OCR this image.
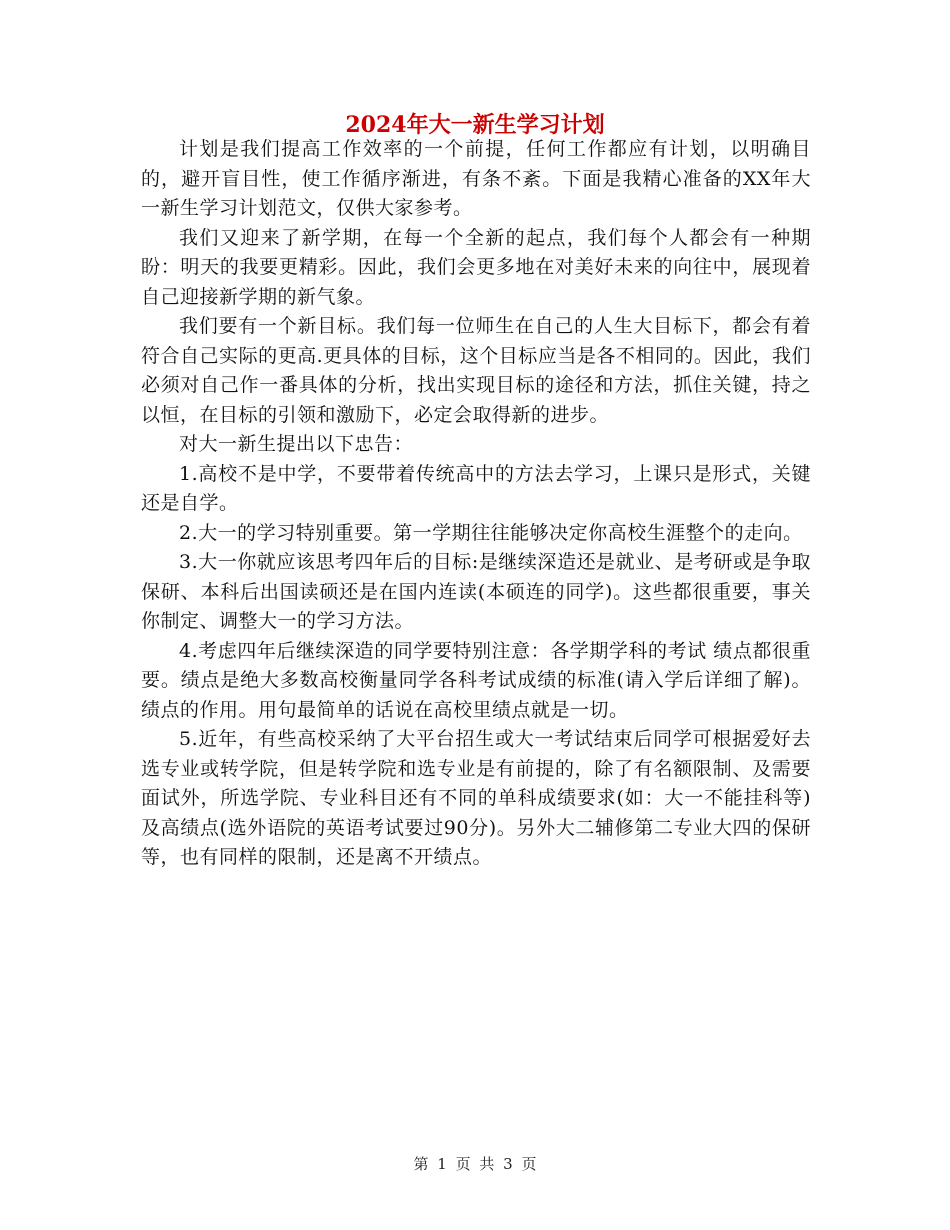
2024年大一新生学习计划

计划是我们提高工作效率的一个前提，任何工作都应有计划，以明确目的，避开盲目性，使工作循序渐进，有条不紊。下面是我精心准备的XX年大一新生学习计划范文，仅供大家参考。

我们又迎来了新学期，在每一个全新的起点，我们每个人都会有一种期盼：明天的我要更精彩。因此，我们会更多地在对美好未来的向往中，展现着自己迎接新学期的新气象。

我们要有一个新目标。我们每一位师生在自己的人生大目标下，都会有着符合自己实际的更高.更具体的目标，这个目标应当是各不相同的。因此，我们必须对自己作一番具体的分析，找出实现目标的途径和方法，抓住关键，持之以恒，在目标的引领和激励下，必定会取得新的进步。

对大一新生提出以下忠告：

1.高校不是中学，不要带着传统高中的方法去学习，上课只是形式，关键还是自学。

2.大一的学习特别重要。第一学期往往能够决定你高校生涯整个的走向。

3.大一你就应该思考四年后的目标:是继续深造还是就业、是考研或是争取保研、本科后出国读硕还是在国内连读(本硕连的同学)。这些都很重要，事关你制定、调整大一的学习方法。

4.考虑四年后继续深造的同学要特别注意：各学期学科的考试 绩点都很重要。绩点是绝大多数高校衡量同学各科考试成绩的标准(请入学后详细了解)。绩点的作用。用句最简单的话说在高校里绩点就是一切。

5.近年，有些高校采纳了大平台招生或大一考试结束后同学可根据爱好去选专业或转学院，但是转学院和选专业是有前提的，除了有名额限制、及需要面试外，所选学院、专业科目还有不同的单科成绩要求(如：大一不能挂科等)及高绩点(选外语院的英语考试要过90分)。另外大二辅修第二专业大四的保研等，也有同样的限制，还是离不开绩点。

第 1 页 共 3 页
